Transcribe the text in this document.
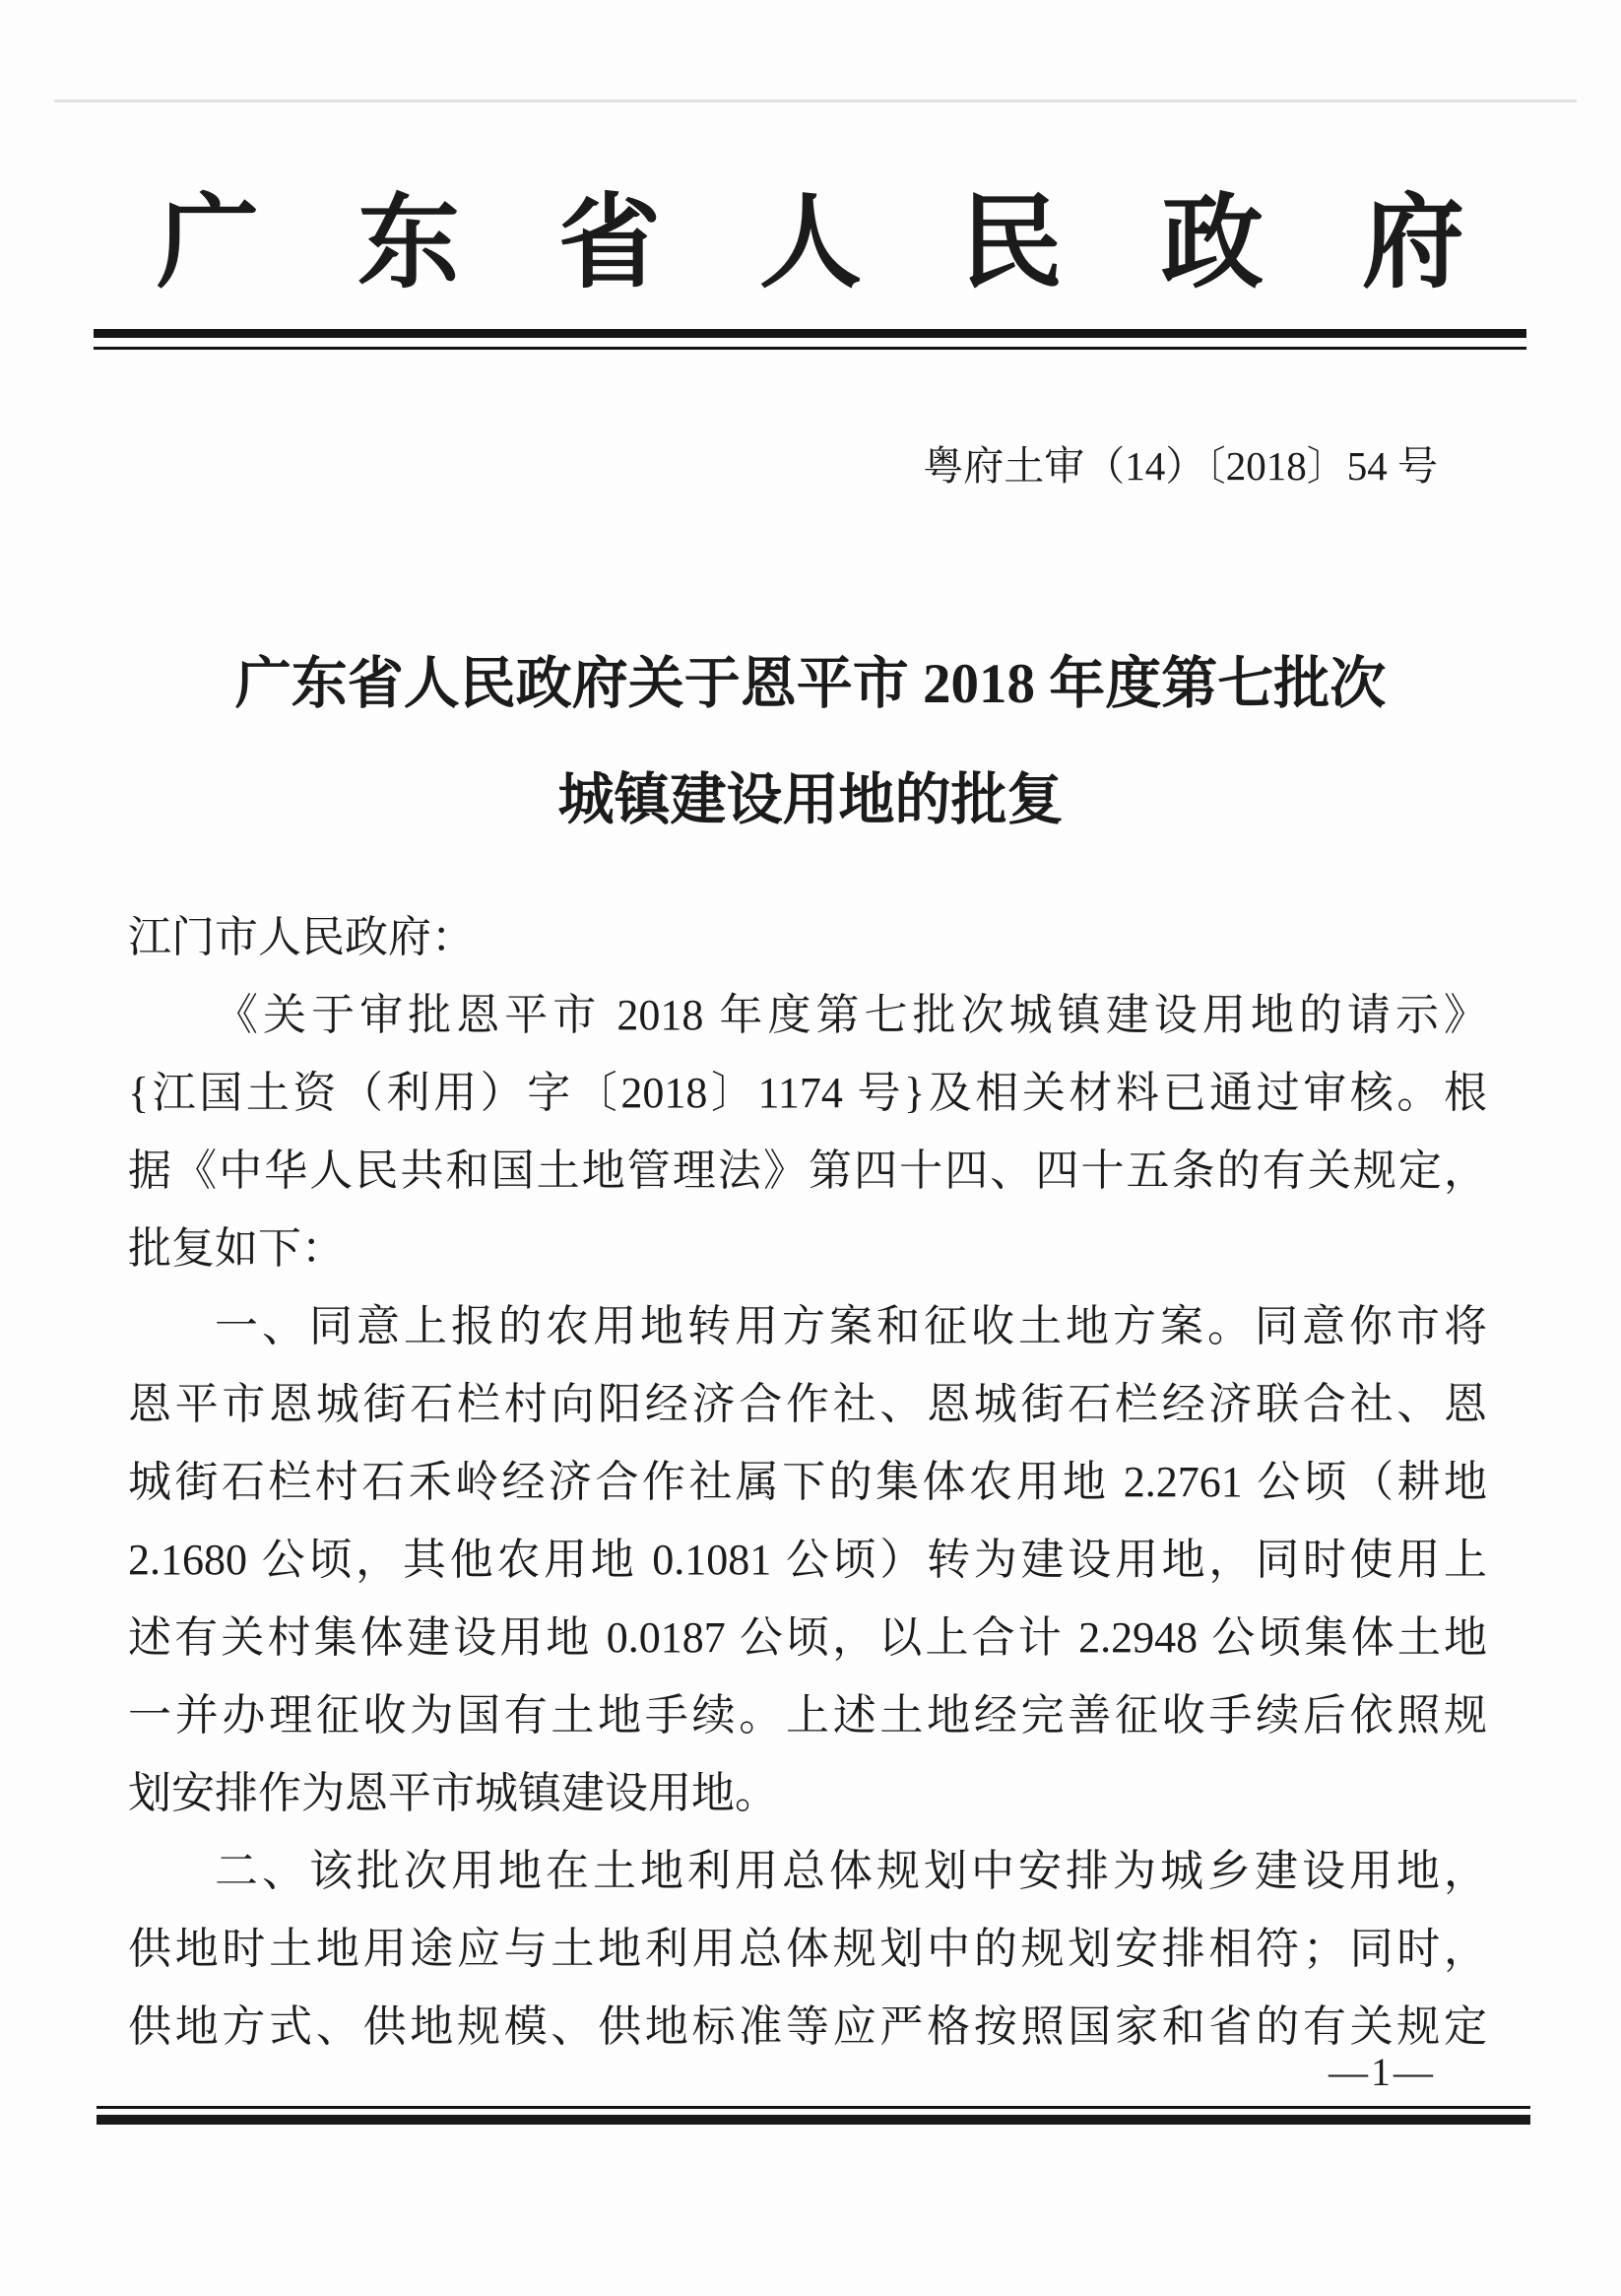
广东省人民政府
粤府土审（14）〔2018〕54 号
广东省人民政府关于恩平市 2018 年度第七批次
城镇建设用地的批复
江门市人民政府：
《关于审批恩平市 2018 年度第七批次城镇建设用地的请示》
{江国土资（利用）字〔2018〕1174 号}及相关材料已通过审核。根
据《中华人民共和国土地管理法》第四十四、四十五条的有关规定，
批复如下：
一、同意上报的农用地转用方案和征收土地方案。同意你市将
恩平市恩城街石栏村向阳经济合作社、恩城街石栏经济联合社、恩
城街石栏村石禾岭经济合作社属下的集体农用地 2.2761 公顷（耕地
2.1680 公顷，其他农用地 0.1081 公顷）转为建设用地，同时使用上
述有关村集体建设用地 0.0187 公顷，以上合计 2.2948 公顷集体土地
一并办理征收为国有土地手续。上述土地经完善征收手续后依照规
划安排作为恩平市城镇建设用地。
二、该批次用地在土地利用总体规划中安排为城乡建设用地，
供地时土地用途应与土地利用总体规划中的规划安排相符；同时，
供地方式、供地规模、供地标准等应严格按照国家和省的有关规定
—1—
